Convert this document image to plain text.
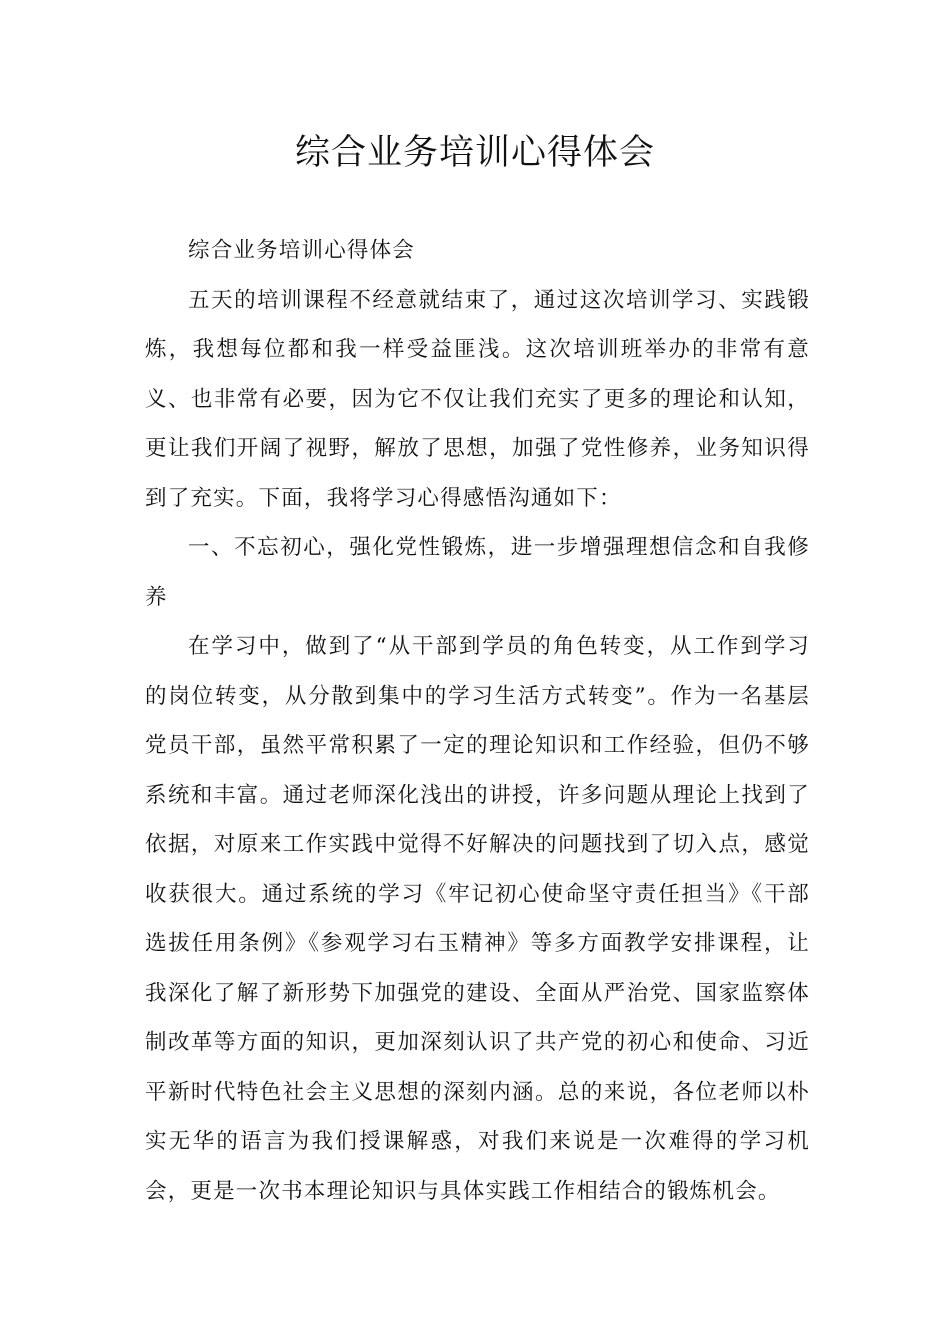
综合业务培训心得体会

综合业务培训心得体会

五天的培训课程不经意就结束了，通过这次培训学习、实践锻炼，我想每位都和我一样受益匪浅。这次培训班举办的非常有意义、也非常有必要，因为它不仅让我们充实了更多的理论和认知，更让我们开阔了视野，解放了思想，加强了党性修养，业务知识得到了充实。下面，我将学习心得感悟沟通如下：

一、不忘初心，强化党性锻炼，进一步增强理想信念和自我修养

在学习中，做到了“从干部到学员的角色转变，从工作到学习的岗位转变，从分散到集中的学习生活方式转变”。作为一名基层党员干部，虽然平常积累了一定的理论知识和工作经验，但仍不够系统和丰富。通过老师深化浅出的讲授，许多问题从理论上找到了依据，对原来工作实践中觉得不好解决的问题找到了切入点，感觉收获很大。通过系统的学习《牢记初心使命坚守责任担当》《干部选拔任用条例》《参观学习右玉精神》等多方面教学安排课程，让我深化了解了新形势下加强党的建设、全面从严治党、国家监察体制改革等方面的知识，更加深刻认识了共产党的初心和使命、习近平新时代特色社会主义思想的深刻内涵。总的来说，各位老师以朴实无华的语言为我们授课解惑，对我们来说是一次难得的学习机会，更是一次书本理论知识与具体实践工作相结合的锻炼机会。
